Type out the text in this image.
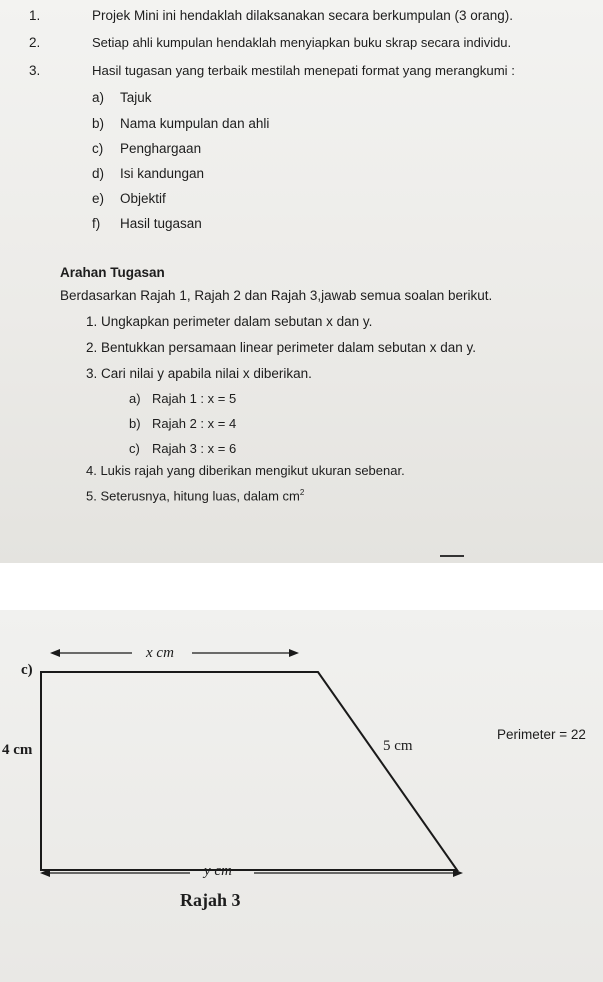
1.	Projek Mini ini hendaklah dilaksanakan secara berkumpulan (3 orang).
2.	Setiap ahli kumpulan hendaklah menyiapkan buku skrap secara individu.
3.	Hasil tugasan yang terbaik mestilah menepati format yang merangkumi :
a) Tajuk
b) Nama kumpulan dan ahli
c) Penghargaan
d) Isi kandungan
e) Objektif
f) Hasil tugasan
Arahan Tugasan
Berdasarkan Rajah 1, Rajah 2 dan Rajah 3,jawab semua soalan berikut.
1. Ungkapkan perimeter dalam sebutan x dan y.
2. Bentukkan persamaan linear perimeter dalam sebutan x dan y.
3. Cari nilai y apabila nilai x diberikan.
a) Rajah 1 : x = 5
b) Rajah 2 : x = 4
c) Rajah 3 : x = 6
4. Lukis rajah yang diberikan mengikut ukuran sebenar.
5. Seterusnya, hitung luas, dalam $cm^2$
c)
x cm
4 cm	5 cm
y cm
Perimeter = 22
Rajah 3
